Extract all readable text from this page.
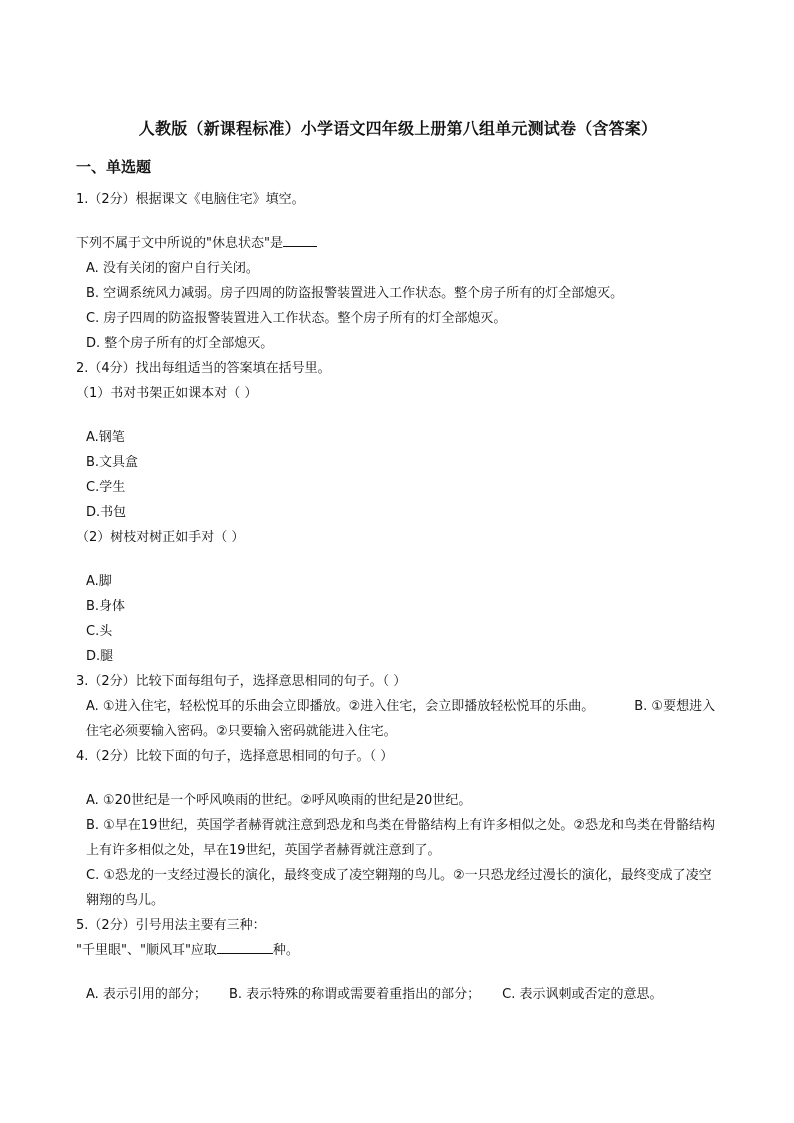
人教版（新课程标准）小学语文四年级上册第八组单元测试卷（含答案）
一、单选题
1.（2分）根据课文《电脑住宅》填空。
下列不属于文中所说的"休息状态"是
A. 没有关闭的窗户自行关闭。
B. 空调系统风力减弱。房子四周的防盗报警装置进入工作状态。整个房子所有的灯全部熄灭。
C. 房子四周的防盗报警装置进入工作状态。整个房子所有的灯全部熄灭。
D. 整个房子所有的灯全部熄灭。
2.（4分）找出每组适当的答案填在括号里。
（1）书对书架正如课本对（ ）
A.钢笔
B.文具盒
C.学生
D.书包
（2）树枝对树正如手对（ ）
A.脚
B.身体
C.头
D.腿
3.（2分）比较下面每组句子，选择意思相同的句子。（ ）
A. ①进入住宅，轻松悦耳的乐曲会立即播放。②进入住宅，会立即播放轻松悦耳的乐曲。	B. ①要想进入住宅必须要输入密码。②只要输入密码就能进入住宅。
4.（2分）比较下面的句子，选择意思相同的句子。（ ）
A. ①20世纪是一个呼风唤雨的世纪。②呼风唤雨的世纪是20世纪。
B. ①早在19世纪，英国学者赫胥就注意到恐龙和鸟类在骨骼结构上有许多相似之处。②恐龙和鸟类在骨骼结构上有许多相似之处，早在19世纪，英国学者赫胥就注意到了。
C. ①恐龙的一支经过漫长的演化，最终变成了凌空翱翔的鸟儿。②一只恐龙经过漫长的演化，最终变成了凌空翱翔的鸟儿。
5.（2分）引号用法主要有三种：
"千里眼"、"顺风耳"应取	种。
A. 表示引用的部分； B. 表示特殊的称谓或需要着重指出的部分； C. 表示讽刺或否定的意思。
